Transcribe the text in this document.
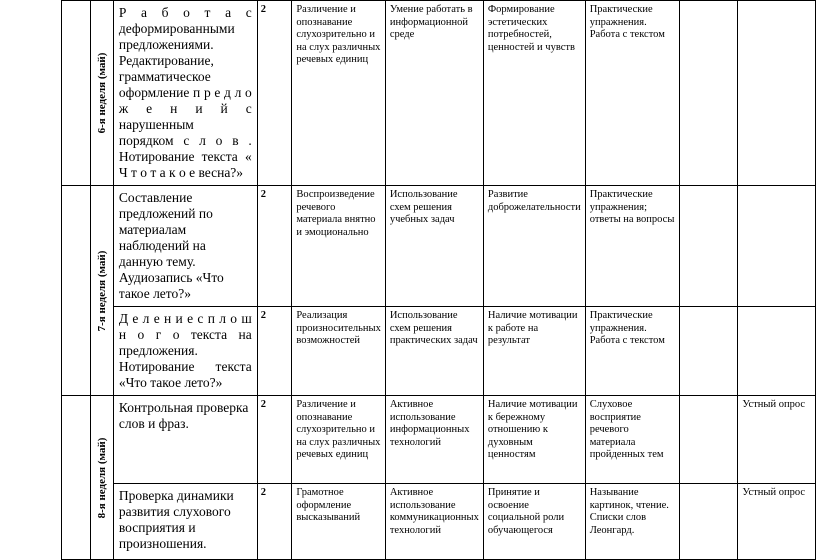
	6-я неделя (май)	Р а б о т а с деформированными предложениями. Редактирование, грамматическое оформление п р е д л о ж е н и й с нарушенным порядком с л о в . Нотирование текста « Ч т о т а к о е весна?»	2	Различение и опознавание слухозрительно и на слух различных речевых единиц	Умение работать в информационной среде	Формирование эстетических потребностей, ценностей и чувств	Практические упражнения. Работа с текстом		

	7-я неделя (май)	Составление предложений по материалам наблюдений на данную тему. Аудиозапись «Что такое лето?»	2	Воспроизведение речевого материала внятно и эмоционально	Использование схем решения учебных задач	Развитие доброжелательности	Практические упражнения; ответы на вопросы		
		Д е л е н и е с п л о ш н о г о текста на предложения. Нотирование текста «Что такое лето?»	2	Реализация произносительных возможностей	Использование схем решения практических задач	Наличие мотивации к работе на результат	Практические упражнения. Работа с текстом		

	8-я неделя (май)	Контрольная проверка слов и фраз.	2	Различение и опознавание слухозрительно и на слух различных речевых единиц	Активное использование информационных технологий	Наличие мотивации к бережному отношению к духовным ценностям	Слуховое восприятие речевого материала пройденных тем		Устный опрос
		Проверка динамики развития слухового восприятия и произношения.	2	Грамотное оформление высказываний	Активное использование коммуникационных технологий	Принятие и освоение социальной роли обучающегося	Называние картинок, чтение. Списки слов Леонгард.		Устный опрос
